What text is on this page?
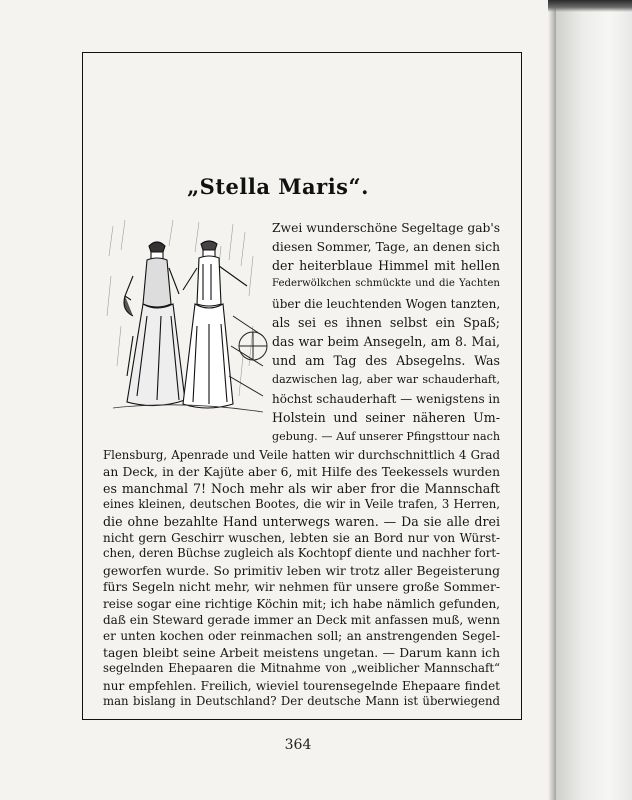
„Stella Maris“.
Zwei wunderschöne Segeltage gab's
diesen Sommer, Tage, an denen sich
der heiterblaue Himmel mit hellen
Federwölkchen schmückte und die Yachten
über die leuchtenden Wogen tanzten,
als sei es ihnen selbst ein Spaß;
das war beim Ansegeln, am 8. Mai,
und am Tag des Absegelns. Was
dazwischen lag, aber war schauderhaft,
höchst schauderhaft — wenigstens in
Holstein und seiner näheren Um-
gebung. — Auf unserer Pfingsttour nach
Flensburg, Apenrade und Veile hatten wir durchschnittlich 4 Grad
an Deck, in der Kajüte aber 6, mit Hilfe des Teekessels wurden
es manchmal 7! Noch mehr als wir aber fror die Mannschaft
eines kleinen, deutschen Bootes, die wir in Veile trafen, 3 Herren,
die ohne bezahlte Hand unterwegs waren. — Da sie alle drei
nicht gern Geschirr wuschen, lebten sie an Bord nur von Würst-
chen, deren Büchse zugleich als Kochtopf diente und nachher fort-
geworfen wurde. So primitiv leben wir trotz aller Begeisterung
fürs Segeln nicht mehr, wir nehmen für unsere große Sommer-
reise sogar eine richtige Köchin mit; ich habe nämlich gefunden,
daß ein Steward gerade immer an Deck mit anfassen muß, wenn
er unten kochen oder reinmachen soll; an anstrengenden Segel-
tagen bleibt seine Arbeit meistens ungetan. — Darum kann ich
segelnden Ehepaaren die Mitnahme von „weiblicher Mannschaft“
nur empfehlen. Freilich, wieviel tourensegelnde Ehepaare findet
man bislang in Deutschland? Der deutsche Mann ist überwiegend
364
